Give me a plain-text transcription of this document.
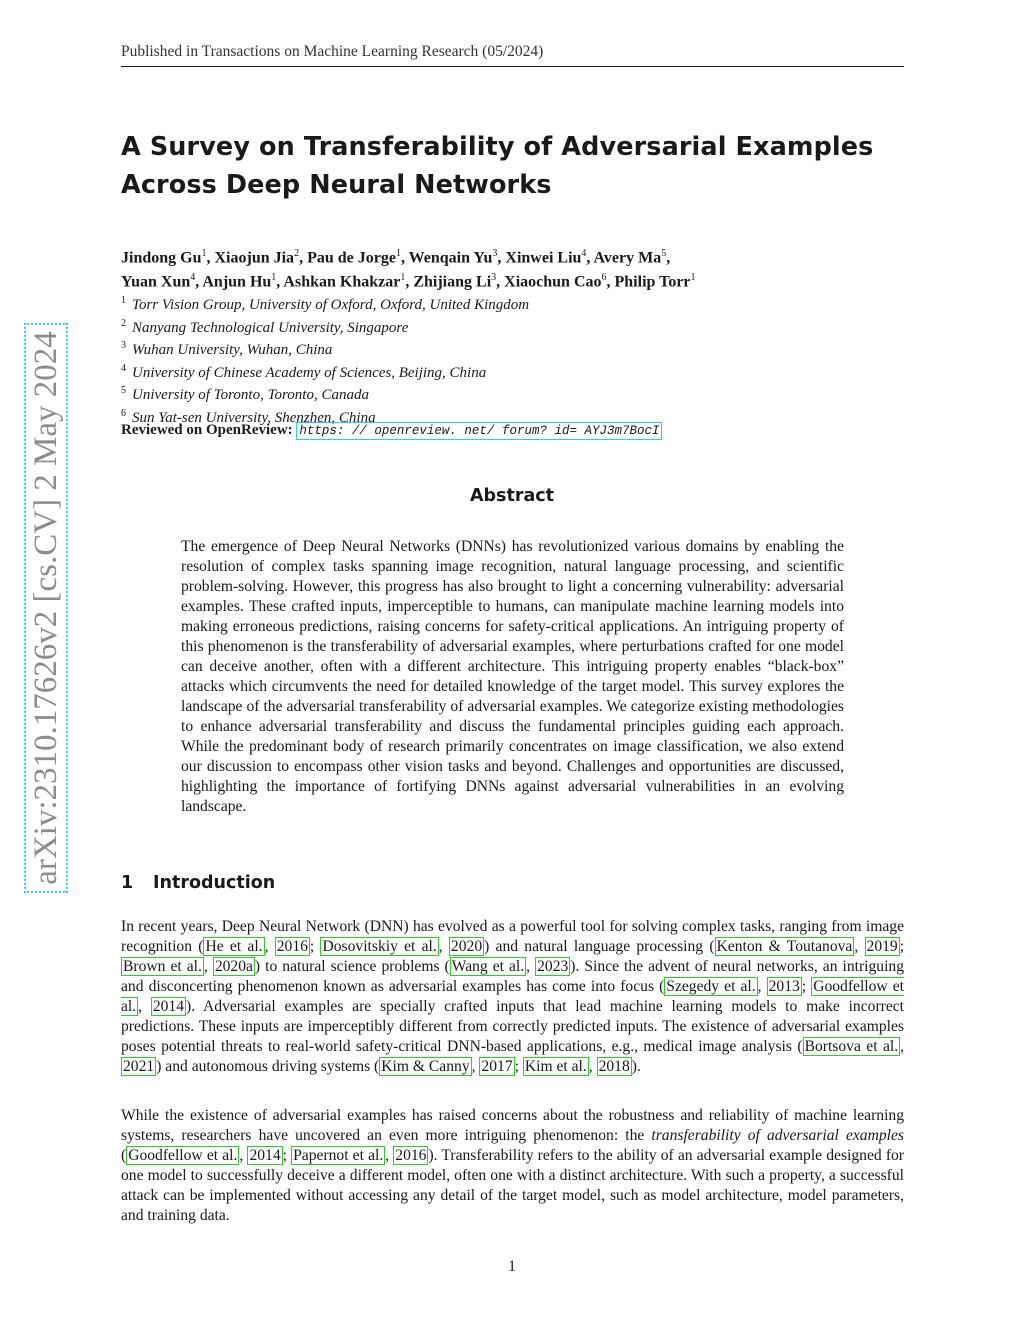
Published in Transactions on Machine Learning Research (05/2024)
arXiv:2310.17626v2 [cs.CV] 2 May 2024
A Survey on Transferability of Adversarial Examples Across Deep Neural Networks
Jindong Gu$^1$, Xiaojun Jia$^2$, Pau de Jorge$^1$, Wenqain Yu$^3$, Xinwei Liu$^4$, Avery Ma$^5$,
Yuan Xun$^4$, Anjun Hu$^1$, Ashkan Khakzar$^1$, Zhijiang Li$^3$, Xiaochun Cao$^6$, Philip Torr$^1$
$^1$ Torr Vision Group, University of Oxford, Oxford, United Kingdom
$^2$ Nanyang Technological University, Singapore
$^3$ Wuhan University, Wuhan, China
$^4$ University of Chinese Academy of Sciences, Beijing, China
$^5$ University of Toronto, Toronto, Canada
$^6$ Sun Yat-sen University, Shenzhen, China
Reviewed on OpenReview: https: // openreview. net/ forum? id= AYJ3m7BocI
Abstract

The emergence of Deep Neural Networks (DNNs) has revolutionized various domains by enabling the resolution of complex tasks spanning image recognition, natural language processing, and scientific problem-solving. However, this progress has also brought to light a concerning vulnerability: adversarial examples. These crafted inputs, imperceptible to humans, can manipulate machine learning models into making erroneous predictions, raising concerns for safety-critical applications. An intriguing property of this phenomenon is the transferability of adversarial examples, where perturbations crafted for one model can deceive another, often with a different architecture. This intriguing property enables “black-box” attacks which circumvents the need for detailed knowledge of the target model. This survey explores the landscape of the adversarial transferability of adversarial examples. We categorize existing methodologies to enhance adversarial transferability and discuss the fundamental principles guiding each approach. While the predominant body of research primarily concentrates on image classification, we also extend our discussion to encompass other vision tasks and beyond. Challenges and opportunities are discussed, highlighting the importance of fortifying DNNs against adversarial vulnerabilities in an evolving landscape.

1 Introduction

In recent years, Deep Neural Network (DNN) has evolved as a powerful tool for solving complex tasks, ranging from image recognition ( He et al. , 2016 ; Dosovitskiy et al. , 2020 ) and natural language processing ( Kenton & Toutanova , 2019 ; Brown et al. , 2020a ) to natural science problems ( Wang et al. , 2023 ). Since the advent of neural networks, an intriguing and disconcerting phenomenon known as adversarial examples has come into focus ( Szegedy et al. , 2013 ; Goodfellow et al. , 2014 ). Adversarial examples are specially crafted inputs that lead machine learning models to make incorrect predictions. These inputs are imperceptibly different from correctly predicted inputs. The existence of adversarial examples poses potential threats to real-world safety-critical DNN-based applications, e.g., medical image analysis ( Bortsova et al. , 2021 ) and autonomous driving systems ( Kim & Canny , 2017 ; Kim et al. , 2018 ).

While the existence of adversarial examples has raised concerns about the robustness and reliability of machine learning systems, researchers have uncovered an even more intriguing phenomenon: the transferability of adversarial examples ( Goodfellow et al. , 2014 ; Papernot et al. , 2016 ). Transferability refers to the ability of an adversarial example designed for one model to successfully deceive a different model, often one with a distinct architecture. With such a property, a successful attack can be implemented without accessing any detail of the target model, such as model architecture, model parameters, and training data.

1
